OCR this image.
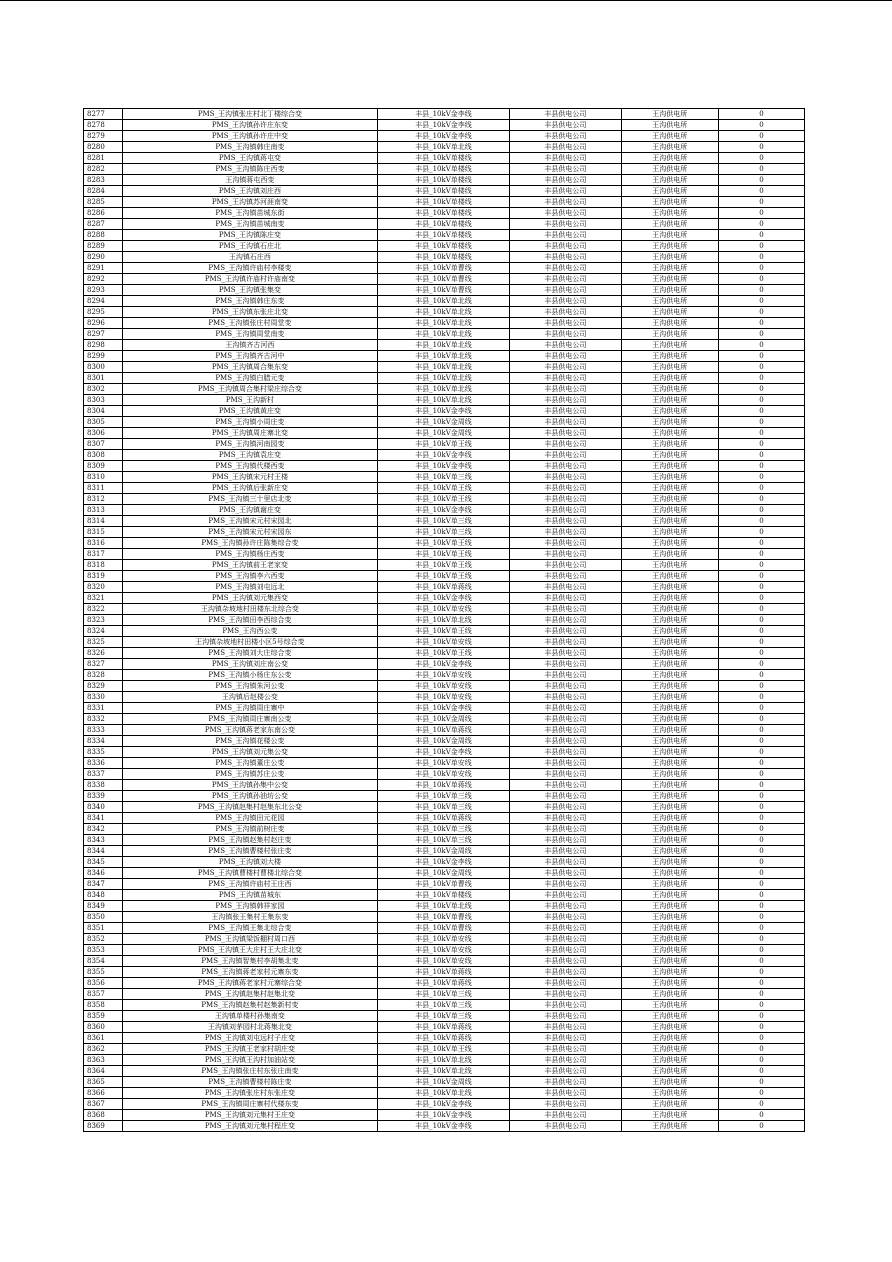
8277	PMS_王沟镇张庄村北丁楼综合变	丰县_10kV金李线	丰县供电公司	王沟供电所	0
8278	PMS_王沟镇孙许庄东变	丰县_10kV金李线	丰县供电公司	王沟供电所	0
8279	PMS_王沟镇孙许庄中变	丰县_10kV金李线	丰县供电公司	王沟供电所	0
8280	PMS_王沟镇韩庄南变	丰县_10kV单北线	丰县供电公司	王沟供电所	0
8281	PMS_王沟镇蒋屯变	丰县_10kV单楼线	丰县供电公司	王沟供电所	0
8282	PMS_王沟镇陈庄西变	丰县_10kV单楼线	丰县供电公司	王沟供电所	0
8283	王沟镇蒋屯西变	丰县_10kV单楼线	丰县供电公司	王沟供电所	0
8284	PMS_王沟镇刘庄西	丰县_10kV单楼线	丰县供电公司	王沟供电所	0
8285	PMS_王沟镇苏河涯南变	丰县_10kV单楼线	丰县供电公司	王沟供电所	0
8286	PMS_王沟镇苗城东街	丰县_10kV单楼线	丰县供电公司	王沟供电所	0
8287	PMS_王沟镇苗城南变	丰县_10kV单楼线	丰县供电公司	王沟供电所	0
8288	PMS_王沟镇陈庄变	丰县_10kV单楼线	丰县供电公司	王沟供电所	0
8289	PMS_王沟镇石庄北	丰县_10kV单楼线	丰县供电公司	王沟供电所	0
8290	王沟镇石庄西	丰县_10kV单楼线	丰县供电公司	王沟供电所	0
8291	PMS_王沟镇许庙村李楼变	丰县_10kV单曹线	丰县供电公司	王沟供电所	0
8292	PMS_王沟镇许庙村许庙南变	丰县_10kV单曹线	丰县供电公司	王沟供电所	0
8293	PMS_王沟镇张集变	丰县_10kV单曹线	丰县供电公司	王沟供电所	0
8294	PMS_王沟镇韩庄东变	丰县_10kV单北线	丰县供电公司	王沟供电所	0
8295	PMS_王沟镇东张庄北变	丰县_10kV单北线	丰县供电公司	王沟供电所	0
8296	PMS_王沟镇张庄村周堂变	丰县_10kV单北线	丰县供电公司	王沟供电所	0
8297	PMS_王沟镇周堂南变	丰县_10kV单北线	丰县供电公司	王沟供电所	0
8298	王沟镇齐古河西	丰县_10kV单北线	丰县供电公司	王沟供电所	0
8299	PMS_王沟镇齐古河中	丰县_10kV单北线	丰县供电公司	王沟供电所	0
8300	PMS_王沟镇周合集东变	丰县_10kV单北线	丰县供电公司	王沟供电所	0
8301	PMS_王沟镇白腊元变	丰县_10kV单北线	丰县供电公司	王沟供电所	0
8302	PMS_王沟镇周合集村梁庄综合变	丰县_10kV单北线	丰县供电公司	王沟供电所	0
8303	PMS_王沟新村	丰县_10kV单北线	丰县供电公司	王沟供电所	0
8304	PMS_王沟镇黄庄变	丰县_10kV金李线	丰县供电公司	王沟供电所	0
8305	PMS_王沟镇小周庄变	丰县_10kV金周线	丰县供电公司	王沟供电所	0
8306	PMS_王沟镇周庄寨北变	丰县_10kV金周线	丰县供电公司	王沟供电所	0
8307	PMS_王沟镇河南园变	丰县_10kV单王线	丰县供电公司	王沟供电所	0
8308	PMS_王沟镇袁庄变	丰县_10kV金李线	丰县供电公司	王沟供电所	0
8309	PMS_王沟镇代楼西变	丰县_10kV金李线	丰县供电公司	王沟供电所	0
8310	PMS_王沟镇宋元村王楼	丰县_10kV单三线	丰县供电公司	王沟供电所	0
8311	PMS_王沟镇后张新庄变	丰县_10kV单王线	丰县供电公司	王沟供电所	0
8312	PMS_王沟镇三十里店北变	丰县_10kV单王线	丰县供电公司	王沟供电所	0
8313	PMS_王沟镇谢庄变	丰县_10kV金李线	丰县供电公司	王沟供电所	0
8314	PMS_王沟镇宋元村宋园北	丰县_10kV单三线	丰县供电公司	王沟供电所	0
8315	PMS_王沟镇宋元村宋园东	丰县_10kV单三线	丰县供电公司	王沟供电所	0
8316	PMS_王沟镇孙许庄陈集综合变	丰县_10kV单王线	丰县供电公司	王沟供电所	0
8317	PMS_王沟镇杨庄西变	丰县_10kV单王线	丰县供电公司	王沟供电所	0
8318	PMS_王沟镇前王老家变	丰县_10kV单王线	丰县供电公司	王沟供电所	0
8319	PMS_王沟镇李六西变	丰县_10kV单王线	丰县供电公司	王沟供电所	0
8320	PMS_王沟镇刘屯远北	丰县_10kV单蒋线	丰县供电公司	王沟供电所	0
8321	PMS_王沟镇刘元集西变	丰县_10kV金李线	丰县供电公司	王沟供电所	0
8322	王沟镇杂坡地村田楼东北综合变	丰县_10kV单安线	丰县供电公司	王沟供电所	0
8323	PMS_王沟镇田李西综合变	丰县_10kV单北线	丰县供电公司	王沟供电所	0
8324	PMS_王沟西公变	丰县_10kV单王线	丰县供电公司	王沟供电所	0
8325	王沟镇杂坡地村田楼小区5号综合变	丰县_10kV单安线	丰县供电公司	王沟供电所	0
8326	PMS_王沟镇刘大庄综合变	丰县_10kV单王线	丰县供电公司	王沟供电所	0
8327	PMS_王沟镇刘庄南公变	丰县_10kV金李线	丰县供电公司	王沟供电所	0
8328	PMS_王沟镇小杨庄东公变	丰县_10kV单安线	丰县供电公司	王沟供电所	0
8329	PMS_王沟镇朱河公变	丰县_10kV单安线	丰县供电公司	王沟供电所	0
8330	王沟镇后赵楼公变	丰县_10kV单安线	丰县供电公司	王沟供电所	0
8331	PMS_王沟镇周庄寨中	丰县_10kV金李线	丰县供电公司	王沟供电所	0
8332	PMS_王沟镇周庄寨南公变	丰县_10kV金周线	丰县供电公司	王沟供电所	0
8333	PMS_王沟镇蒋老家东南公变	丰县_10kV单蒋线	丰县供电公司	王沟供电所	0
8334	PMS_王沟镇花楼公变	丰县_10kV金周线	丰县供电公司	王沟供电所	0
8335	PMS_王沟镇刘元集公变	丰县_10kV金李线	丰县供电公司	王沟供电所	0
8336	PMS_王沟镇董庄公变	丰县_10kV单安线	丰县供电公司	王沟供电所	0
8337	PMS_王沟镇苏庄公变	丰县_10kV单安线	丰县供电公司	王沟供电所	0
8338	PMS_王沟镇孙集中公变	丰县_10kV单蒋线	丰县供电公司	王沟供电所	0
8339	PMS_王沟镇孙油坊公变	丰县_10kV单三线	丰县供电公司	王沟供电所	0
8340	PMS_王沟镇赵集村赵集东北公变	丰县_10kV单三线	丰县供电公司	王沟供电所	0
8341	PMS_王沟镇田元花园	丰县_10kV单蒋线	丰县供电公司	王沟供电所	0
8342	PMS_王沟镇前树庄变	丰县_10kV单三线	丰县供电公司	王沟供电所	0
8343	PMS_王沟镇赵集村赵庄变	丰县_10kV单三线	丰县供电公司	王沟供电所	0
8344	PMS_王沟镇曹楼村张庄变	丰县_10kV金周线	丰县供电公司	王沟供电所	0
8345	PMS_王沟镇刘大楼	丰县_10kV金李线	丰县供电公司	王沟供电所	0
8346	PMS_王沟镇曹楼村曹楼北综合变	丰县_10kV金周线	丰县供电公司	王沟供电所	0
8347	PMS_王沟镇许庙村王庄西	丰县_10kV单曹线	丰县供电公司	王沟供电所	0
8348	PMS_王沟镇苗城东	丰县_10kV单楼线	丰县供电公司	王沟供电所	0
8349	PMS_王沟镇韩祥家园	丰县_10kV单北线	丰县供电公司	王沟供电所	0
8350	王沟镇张王集村王集东变	丰县_10kV单曹线	丰县供电公司	王沟供电所	0
8351	PMS_王沟镇王集北综合变	丰县_10kV单曹线	丰县供电公司	王沟供电所	0
8352	PMS_王沟镇梁饭棚村周口西	丰县_10kV单安线	丰县供电公司	王沟供电所	0
8353	PMS_王沟镇王大庄村王大庄北变	丰县_10kV单安线	丰县供电公司	王沟供电所	0
8354	PMS_王沟镇智集村李胡集北变	丰县_10kV单安线	丰县供电公司	王沟供电所	0
8355	PMS_王沟镇蒋老家村元寨东变	丰县_10kV单蒋线	丰县供电公司	王沟供电所	0
8356	PMS_王沟镇蒋老家村元寨综合变	丰县_10kV单蒋线	丰县供电公司	王沟供电所	0
8357	PMS_王沟镇赵集村赵集北变	丰县_10kV单三线	丰县供电公司	王沟供电所	0
8358	PMS_王沟镇赵集村赵集新村变	丰县_10kV单三线	丰县供电公司	王沟供电所	0
8359	王沟镇单楼村孙集南变	丰县_10kV单三线	丰县供电公司	王沟供电所	0
8360	王沟镇刘茅园村北蒋集北变	丰县_10kV单蒋线	丰县供电公司	王沟供电所	0
8361	PMS_王沟镇刘屯远村子庄变	丰县_10kV单蒋线	丰县供电公司	王沟供电所	0
8362	PMS_王沟镇王老家村胡庄变	丰县_10kV单王线	丰县供电公司	王沟供电所	0
8363	PMS_王沟镇王沟村加油站变	丰县_10kV单北线	丰县供电公司	王沟供电所	0
8364	PMS_王沟镇张庄村东张庄南变	丰县_10kV单北线	丰县供电公司	王沟供电所	0
8365	PMS_王沟镇曹楼村陈庄变	丰县_10kV金周线	丰县供电公司	王沟供电所	0
8366	PMS_王沟镇张庄村东张庄变	丰县_10kV单北线	丰县供电公司	王沟供电所	0
8367	PMS_王沟镇周庄寨村代楼东变	丰县_10kV金李线	丰县供电公司	王沟供电所	0
8368	PMS_王沟镇刘元集村王庄变	丰县_10kV金李线	丰县供电公司	王沟供电所	0
8369	PMS_王沟镇刘元集村程庄变	丰县_10kV金李线	丰县供电公司	王沟供电所	0
